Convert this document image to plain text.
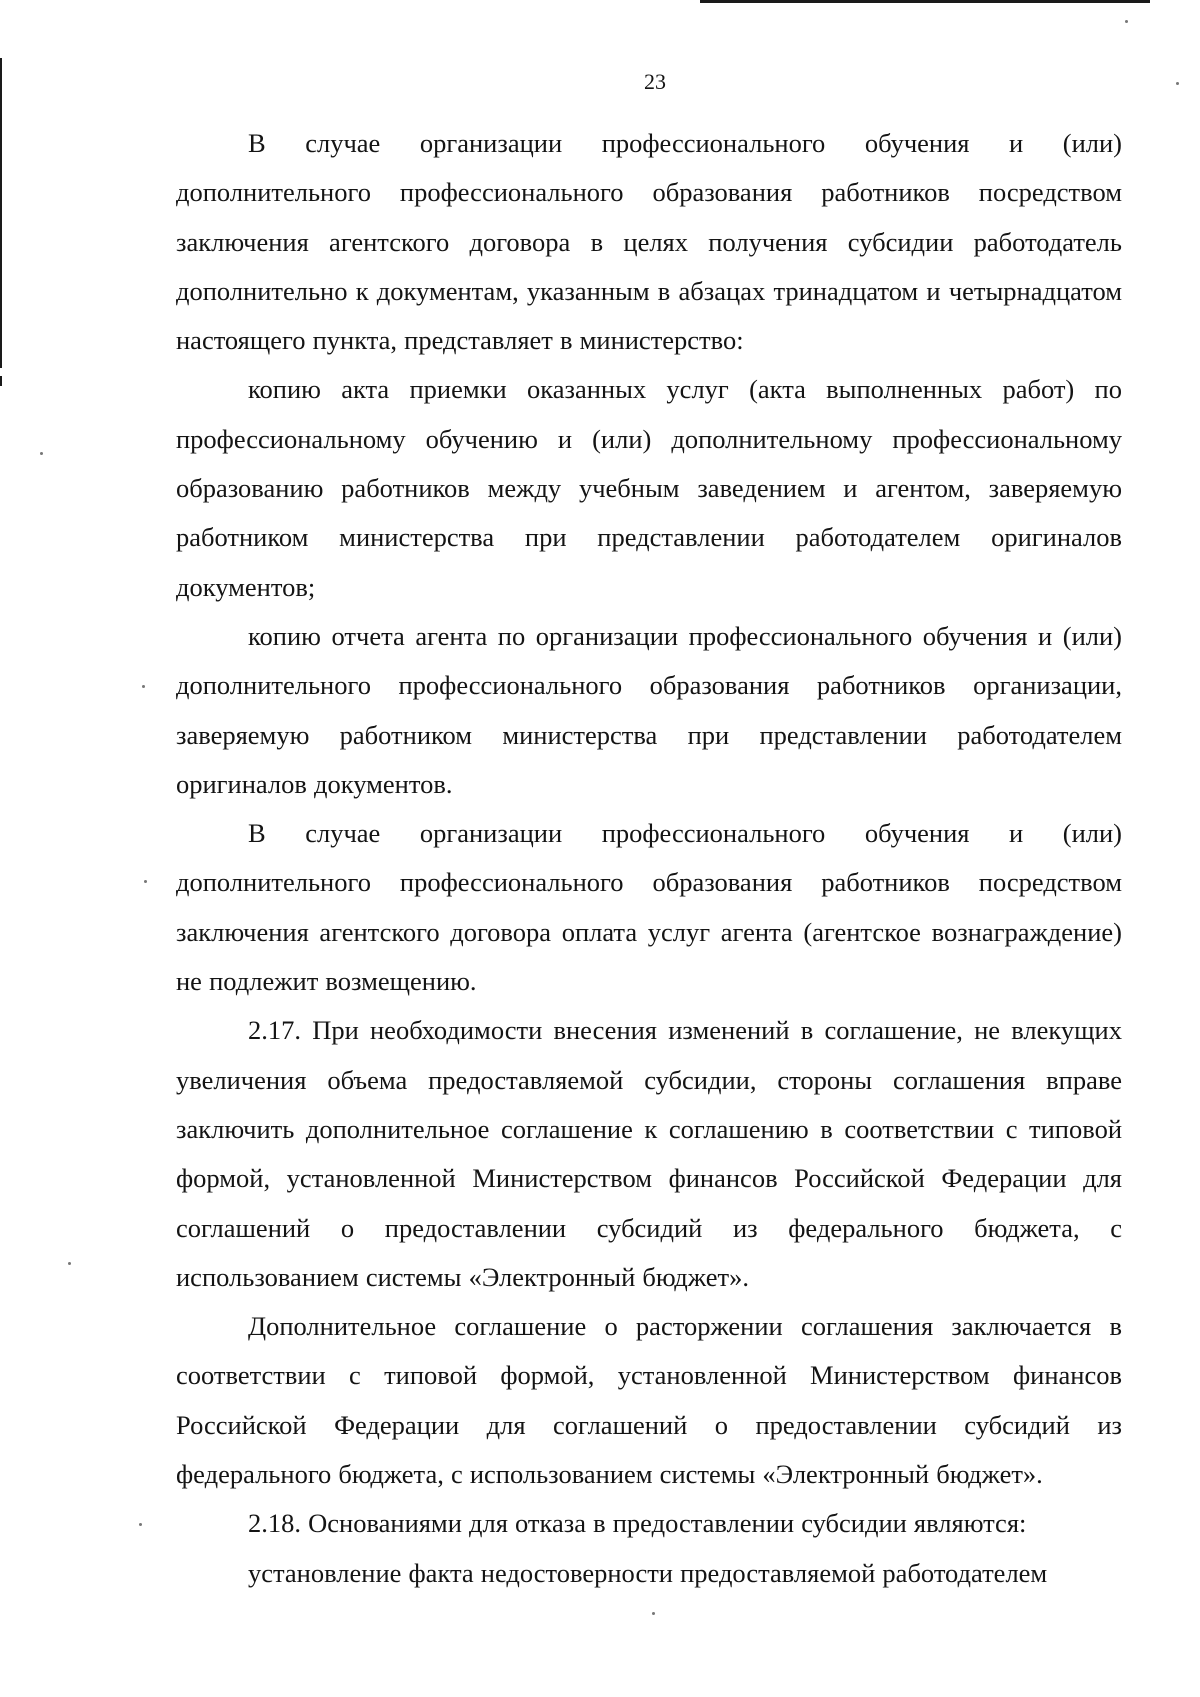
23

В случае организации профессионального обучения и (или) дополнительного профессионального образования работников посредством заключения агентского договора в целях получения субсидии работодатель дополнительно к документам, указанным в абзацах тринадцатом и четырнадцатом настоящего пункта, представляет в министерство:

копию акта приемки оказанных услуг (акта выполненных работ) по профессиональному обучению и (или) дополнительному профессиональному образованию работников между учебным заведением и агентом, заверяемую работником министерства при представлении работодателем оригиналов документов;

копию отчета агента по организации профессионального обучения и (или) дополнительного профессионального образования работников организации, заверяемую работником министерства при представлении работодателем оригиналов документов.

В случае организации профессионального обучения и (или) дополнительного профессионального образования работников посредством заключения агентского договора оплата услуг агента (агентское вознаграждение) не подлежит возмещению.

2.17. При необходимости внесения изменений в соглашение, не влекущих увеличения объема предоставляемой субсидии, стороны соглашения вправе заключить дополнительное соглашение к соглашению в соответствии с типовой формой, установленной Министерством финансов Российской Федерации для соглашений о предоставлении субсидий из федерального бюджета, с использованием системы «Электронный бюджет».

Дополнительное соглашение о расторжении соглашения заключается в соответствии с типовой формой, установленной Министерством финансов Российской Федерации для соглашений о предоставлении субсидий из федерального бюджета, с использованием системы «Электронный бюджет».

2.18. Основаниями для отказа в предоставлении субсидии являются:

установление факта недостоверности предоставляемой работодателем
